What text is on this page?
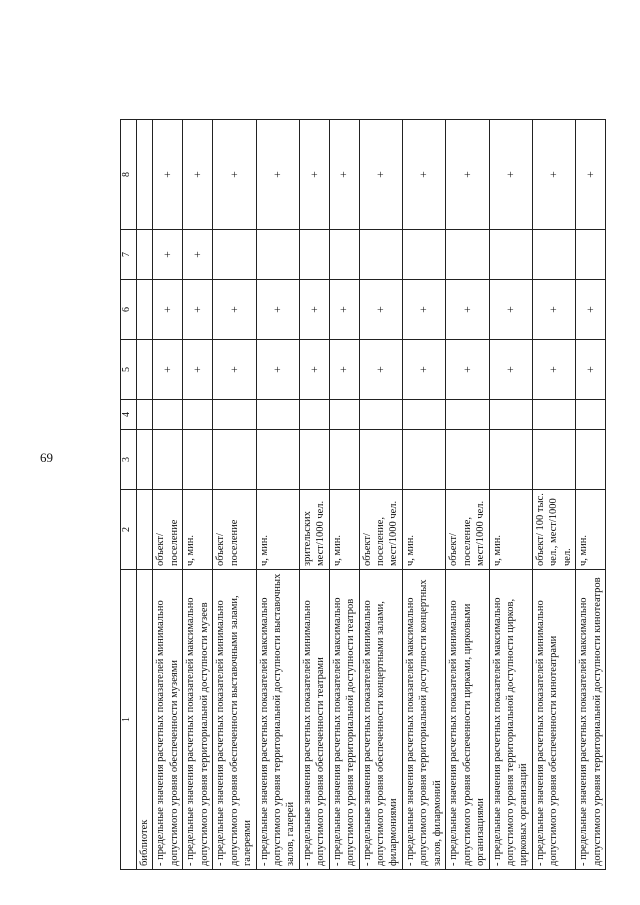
69
1	2	3	4	5	6	7	8
библиотек							
- предельные значения расчетных показателей минимально допустимого уровня обеспеченности музеями	объект/ поселение			+	+	+	+
- предельные значения расчетных показателей максимально допустимого уровня территориальной доступности музеев	ч, мин.			+	+	+	+
- предельные значения расчетных показателей минимально допустимого уровня обеспеченности выставочными залами, галереями	объект/ поселение			+	+		+
- предельные значения расчетных показателей максимально допустимого уровня территориальной доступности выставочных залов, галерей	ч, мин.			+	+		+
- предельные значения расчетных показателей минимально допустимого уровня обеспеченности театрами	зрительских мест/1000 чел.			+	+		+
- предельные значения расчетных показателей максимально допустимого уровня территориальной доступности театров	ч, мин.			+	+		+
- предельные значения расчетных показателей минимально допустимого уровня обеспеченности концертными залами, филармониями	объект/ поселение, мест/1000 чел.			+	+		+
- предельные значения расчетных показателей максимально допустимого уровня территориальной доступности концертных залов, филармоний	ч, мин.			+	+		+
- предельные значения расчетных показателей минимально допустимого уровня обеспеченности цирками, цирковыми организациями	объект/ поселение, мест/1000 чел.			+	+		+
- предельные значения расчетных показателей максимально допустимого уровня территориальной доступности цирков, цирковых организаций	ч, мин.			+	+		+
- предельные значения расчетных показателей минимально допустимого уровня обеспеченности кинотеатрами	объект/ 100 тыс. чел., мест/1000 чел.			+	+		+
- предельные значения расчетных показателей максимально допустимого уровня территориальной доступности кинотеатров	ч, мин.			+	+		+
